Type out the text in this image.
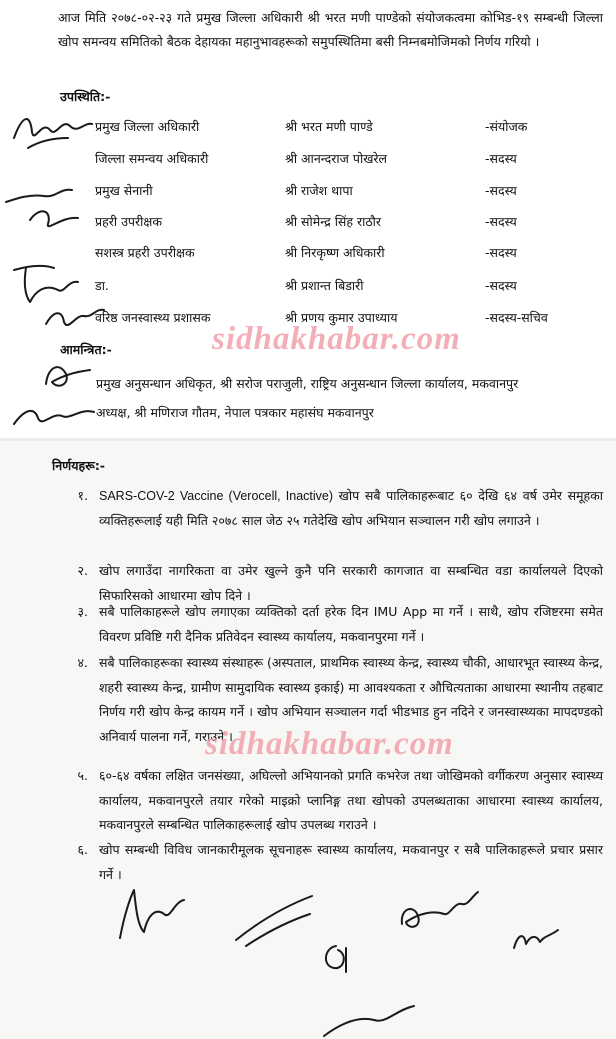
आज मिति २०७८-०२-२३ गते प्रमुख जिल्ला अधिकारी श्री भरत मणी पाण्डेको संयोजकत्वमा कोभिड-१९ सम्बन्धी जिल्ला खोप समन्वय समितिको बैठक देहायका महानुभावहरूको समुपस्थितिमा बसी निम्नबमोजिमको निर्णय गरियो ।
उपस्थिति:-
प्रमुख जिल्ला अधिकारी	श्री भरत मणी पाण्डे	-संयोजक
जिल्ला समन्वय अधिकारी	श्री आनन्दराज पोखरेल	-सदस्य
प्रमुख सेनानी	श्री राजेश थापा	-सदस्य
प्रहरी उपरीक्षक	श्री सोमेन्द्र सिंह राठौर	-सदस्य
सशस्त्र प्रहरी उपरीक्षक	श्री निरकृष्ण अधिकारी	-सदस्य
डा.	श्री प्रशान्त बिडारी	-सदस्य
वरिष्ठ जनस्वास्थ्य प्रशासक	श्री प्रणय कुमार उपाध्याय	-सदस्य-सचिव
आमन्त्रित:-
प्रमुख अनुसन्धान अधिकृत, श्री सरोज पराजुली, राष्ट्रिय अनुसन्धान जिल्ला कार्यालय, मकवानपुर
अध्यक्ष, श्री मणिराज गौतम, नेपाल पत्रकार महासंघ मकवानपुर
निर्णयहरू:-
१. SARS-COV-2 Vaccine (Verocell, Inactive) खोप सबै पालिकाहरूबाट ६० देखि ६४ वर्ष उमेर समूहका व्यक्तिहरूलाई यही मिति २०७८ साल जेठ २५ गतेदेखि खोप अभियान सञ्चालन गरी खोप लगाउने ।
२. खोप लगाउँदा नागरिकता वा उमेर खुल्ने कुनै पनि सरकारी कागजात वा सम्बन्धित वडा कार्यालयले दिएको सिफारिसको आधारमा खोप दिने ।
३. सबै पालिकाहरूले खोप लगाएका व्यक्तिको दर्ता हरेक दिन IMU App मा गर्ने । साथै, खोप रजिष्टरमा समेत विवरण प्रविष्टि गरी दैनिक प्रतिवेदन स्वास्थ्य कार्यालय, मकवानपुरमा गर्ने ।
४. सबै पालिकाहरूका स्वास्थ्य संस्थाहरू (अस्पताल, प्राथमिक स्वास्थ्य केन्द्र, स्वास्थ्य चौकी, आधारभूत स्वास्थ्य केन्द्र, शहरी स्वास्थ्य केन्द्र, ग्रामीण सामुदायिक स्वास्थ्य इकाई) मा आवश्यकता र औचित्यताका आधारमा स्थानीय तहबाट निर्णय गरी खोप केन्द्र कायम गर्ने । खोप अभियान सञ्चालन गर्दा भीडभाड हुन नदिने र जनस्वास्थ्यका मापदण्डको अनिवार्य पालना गर्ने, गराउने ।
५. ६०-६४ वर्षका लक्षित जनसंख्या, अघिल्लो अभियानको प्रगति कभरेज तथा जोखिमको वर्गीकरण अनुसार स्वास्थ्य कार्यालय, मकवानपुरले तयार गरेको माइक्रो प्लानिङ्ग तथा खोपको उपलब्धताका आधारमा स्वास्थ्य कार्यालय, मकवानपुरले सम्बन्धित पालिकाहरूलाई खोप उपलब्ध गराउने ।
६. खोप सम्बन्धी विविध जानकारीमूलक सूचनाहरू स्वास्थ्य कार्यालय, मकवानपुर र सबै पालिकाहरूले प्रचार प्रसार गर्ने ।
sidhakhabar.com
sidhakhabar.com
